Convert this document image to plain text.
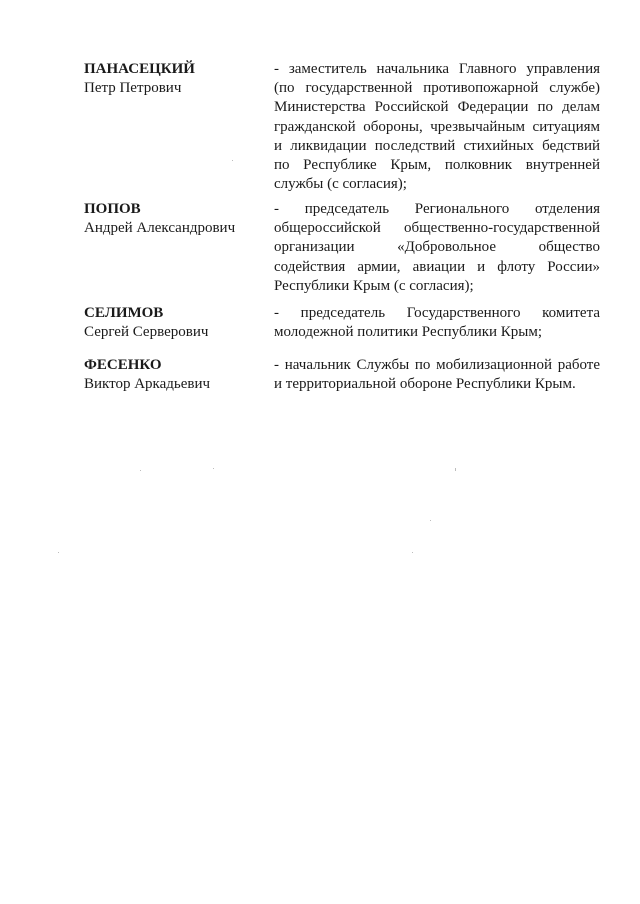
ПАНАСЕЦКИЙ
Петр Петрович
- заместитель начальника Главного управления
(по государственной противопожарной службе)
Министерства Российской Федерации по делам
гражданской обороны, чрезвычайным ситуациям
и ликвидации последствий стихийных бедствий
по Республике Крым, полковник внутренней
службы (с согласия);
ПОПОВ
Андрей Александрович
- председатель Регионального отделения
общероссийской общественно-государственной
организации «Добровольное общество
содействия армии, авиации и флоту России»
Республики Крым (с согласия);
СЕЛИМОВ
Сергей Серверович
- председатель Государственного комитета
молодежной политики Республики Крым;
ФЕСЕНКО
Виктор Аркадьевич
- начальник Службы по мобилизационной работе
и территориальной обороне Республики Крым.
